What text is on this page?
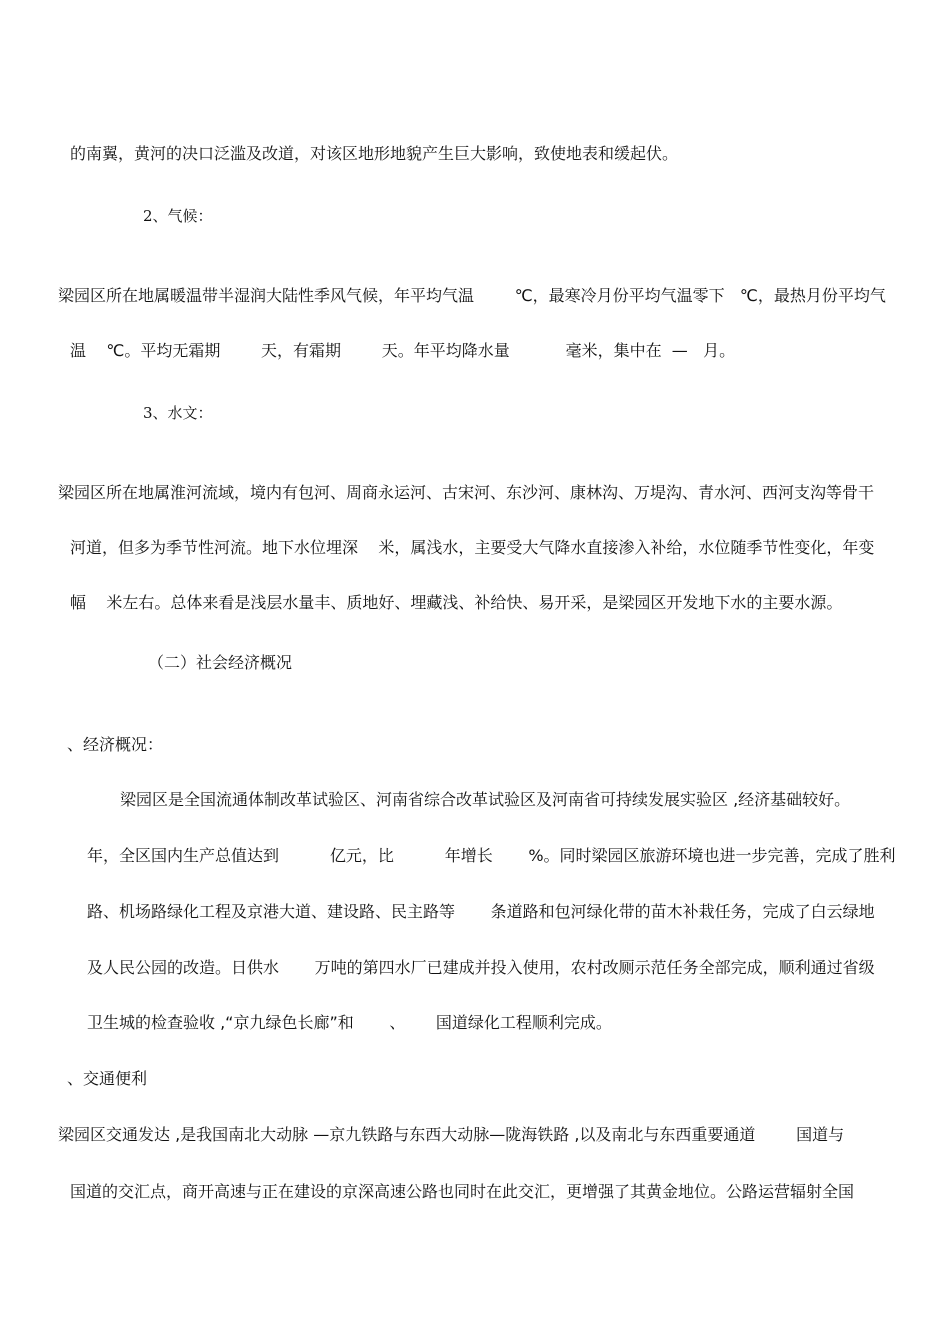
的南翼，黄河的决口泛滥及改道，对该区地形地貌产生巨大影响，致使地表和缓起伏。
2、气候：
梁园区所在地属暖温带半湿润大陆性季风气候，年平均气温        ℃，最寒冷月份平均气温零下   ℃，最热月份平均气
温    ℃。平均无霜期        天，有霜期        天。年平均降水量           毫米，集中在  —   月。
3、水文：
梁园区所在地属淮河流域，境内有包河、周商永运河、古宋河、东沙河、康林沟、万堤沟、青水河、西河支沟等骨干
河道，但多为季节性河流。地下水位埋深    米，属浅水，主要受大气降水直接渗入补给，水位随季节性变化，年变
幅    米左右。总体来看是浅层水量丰、质地好、埋藏浅、补给快、易开采，是梁园区开发地下水的主要水源。
（二）社会经济概况
、经济概况：
梁园区是全国流通体制改革试验区、河南省综合改革试验区及河南省可持续发展实验区 ,经济基础较好。
年，全区国内生产总值达到          亿元，比          年增长       %。同时梁园区旅游环境也进一步完善，完成了胜利
路、机场路绿化工程及京港大道、建设路、民主路等       条道路和包河绿化带的苗木补栽任务，完成了白云绿地
及人民公园的改造。日供水       万吨的第四水厂已建成并投入使用，农村改厕示范任务全部完成，顺利通过省级
卫生城的检查验收 ,“京九绿色长廊”和       、      国道绿化工程顺利完成。
、交通便利
梁园区交通发达 ,是我国南北大动脉 —京九铁路与东西大动脉—陇海铁路 ,以及南北与东西重要通道        国道与
国道的交汇点，商开高速与正在建设的京深高速公路也同时在此交汇，更增强了其黄金地位。公路运营辐射全国
